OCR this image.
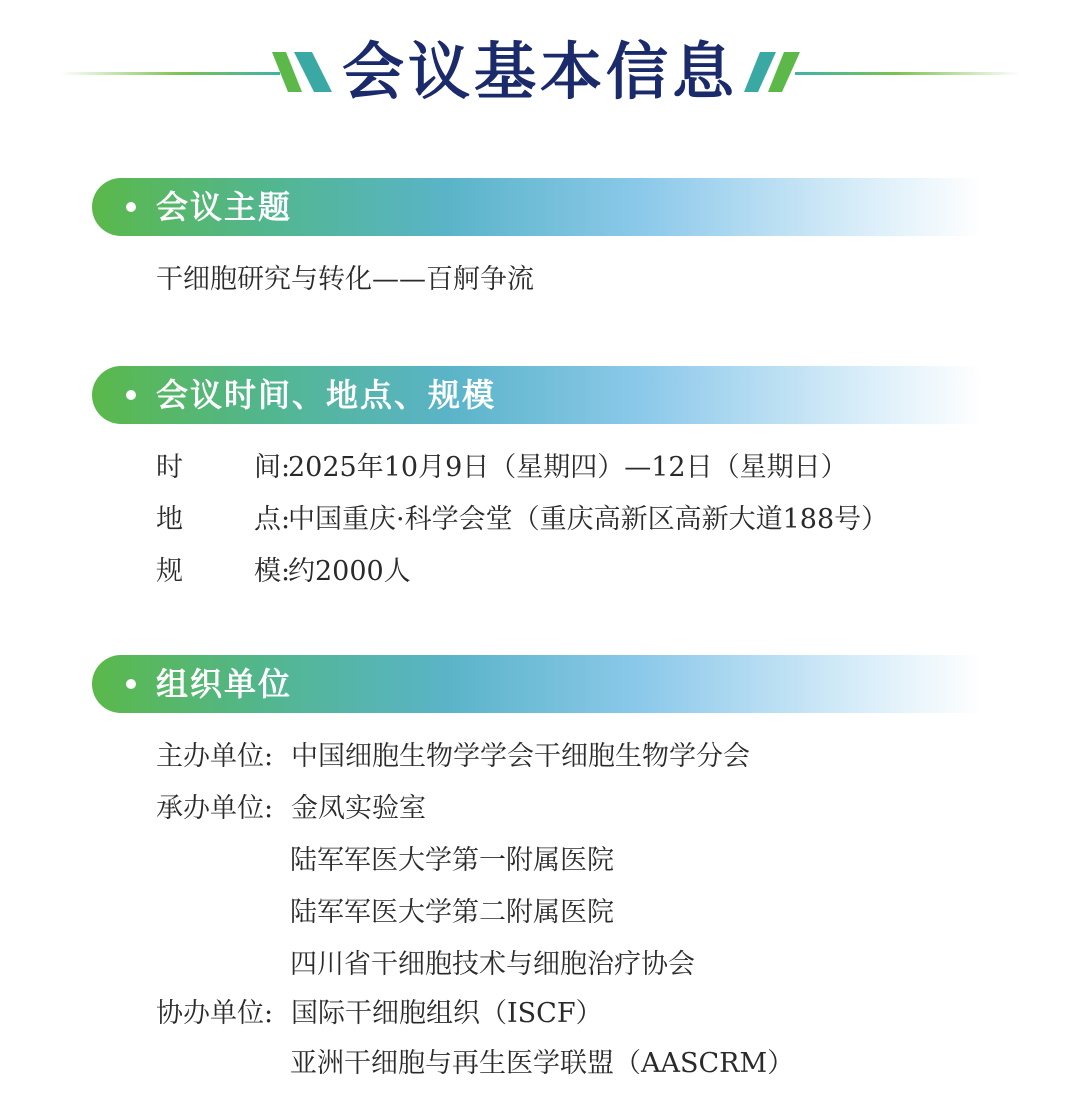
会议基本信息
会议主题
干细胞研究与转化——百舸争流
会议时间、地点、规模
时	间:2025年10月9日（星期四）—12日（星期日）
地	点:中国重庆·科学会堂（重庆高新区高新大道188号）
规	模:约2000人
组织单位
主办单位: 中国细胞生物学学会干细胞生物学分会
承办单位: 金凤实验室
陆军军医大学第一附属医院
陆军军医大学第二附属医院
四川省干细胞技术与细胞治疗协会
协办单位: 国际干细胞组织（ISCF）
亚洲干细胞与再生医学联盟（AASCRM）
